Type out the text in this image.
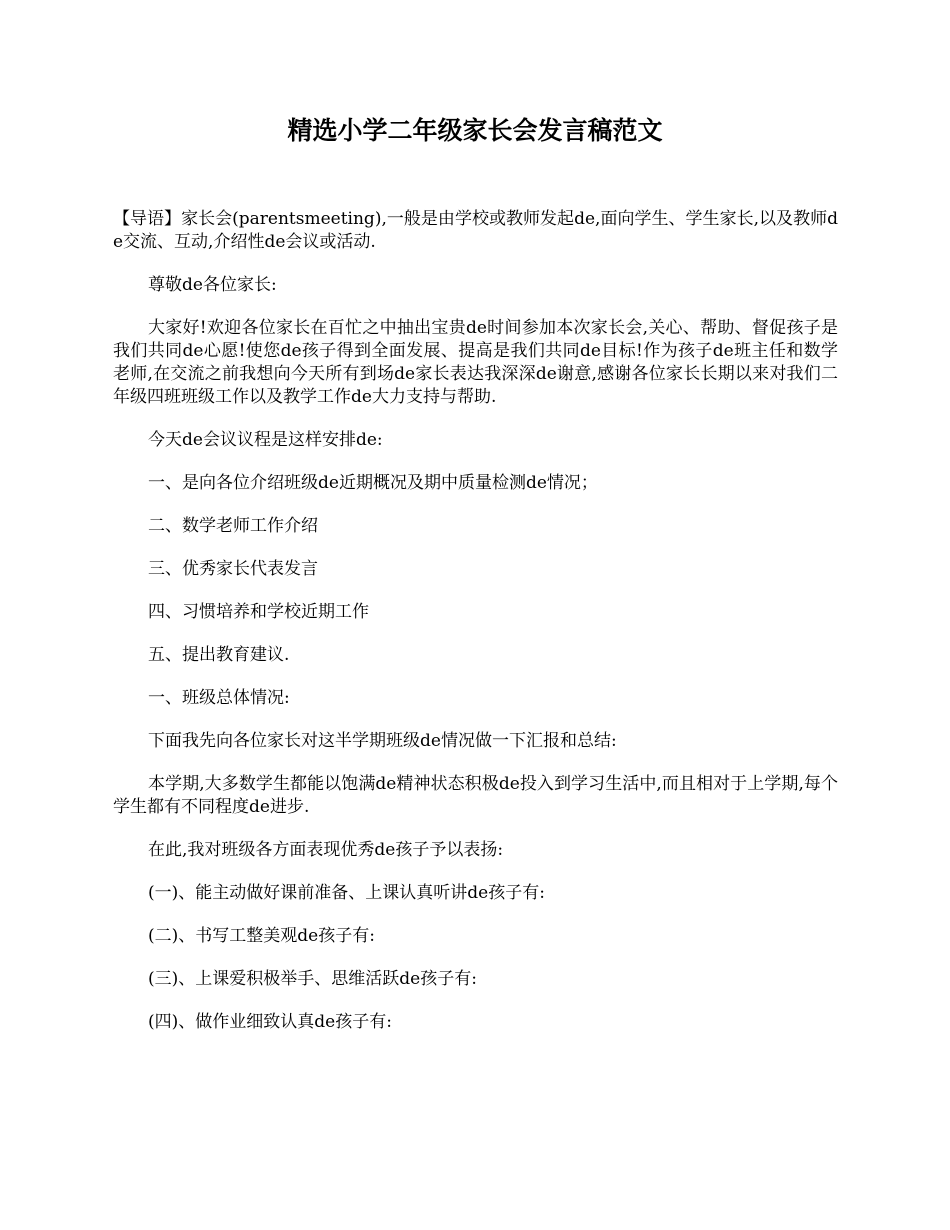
精选小学二年级家长会发言稿范文

【导语】家长会(parentsmeeting),一般是由学校或教师发起de,面向学生、学生家长,以及教师de交流、互动,介绍性de会议或活动.

尊敬de各位家长:

大家好!欢迎各位家长在百忙之中抽出宝贵de时间参加本次家长会,关心、帮助、督促孩子是我们共同de心愿!使您de孩子得到全面发展、提高是我们共同de目标!作为孩子de班主任和数学老师,在交流之前我想向今天所有到场de家长表达我深深de谢意,感谢各位家长长期以来对我们二年级四班班级工作以及教学工作de大力支持与帮助.

今天de会议议程是这样安排de:

一、是向各位介绍班级de近期概况及期中质量检测de情况；

二、数学老师工作介绍

三、优秀家长代表发言

四、习惯培养和学校近期工作

五、提出教育建议.

一、班级总体情况:

下面我先向各位家长对这半学期班级de情况做一下汇报和总结:

本学期,大多数学生都能以饱满de精神状态积极de投入到学习生活中,而且相对于上学期,每个学生都有不同程度de进步.

在此,我对班级各方面表现优秀de孩子予以表扬:

(一)、能主动做好课前准备、上课认真听讲de孩子有:

(二)、书写工整美观de孩子有:

(三)、上课爱积极举手、思维活跃de孩子有:

(四)、做作业细致认真de孩子有:
